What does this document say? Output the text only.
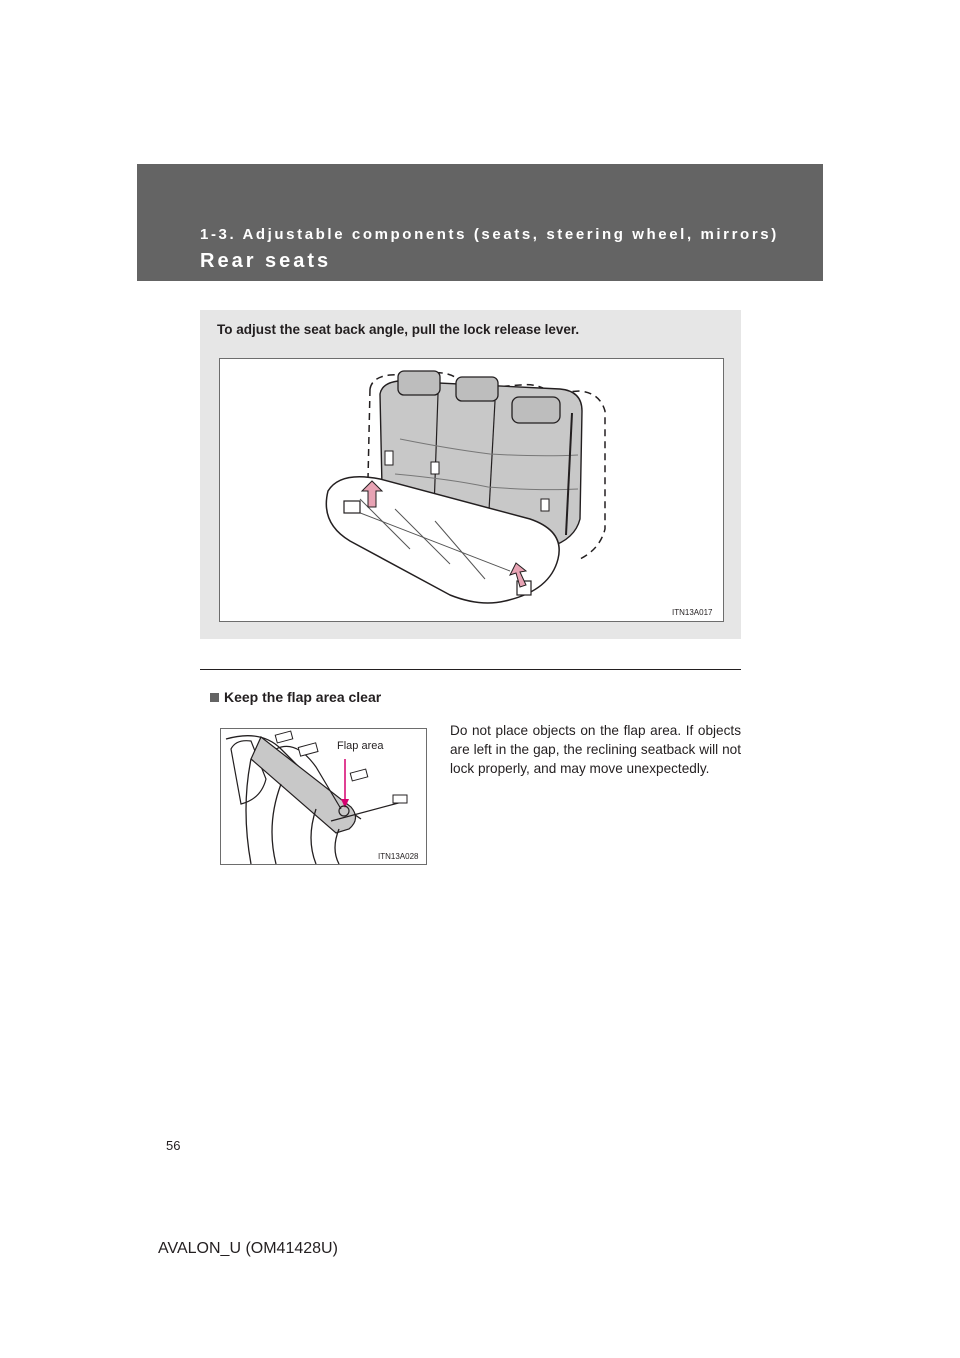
1-3. Adjustable components (seats, steering wheel, mirrors)
Rear seats
To adjust the seat back angle, pull the lock release lever.
ITN13A017
Keep the flap area clear
Flap area
ITN13A028
Do not place objects on the flap area. If objects are left in the gap, the reclining seatback will not lock properly, and may move unexpectedly.
56
AVALON_U (OM41428U)
